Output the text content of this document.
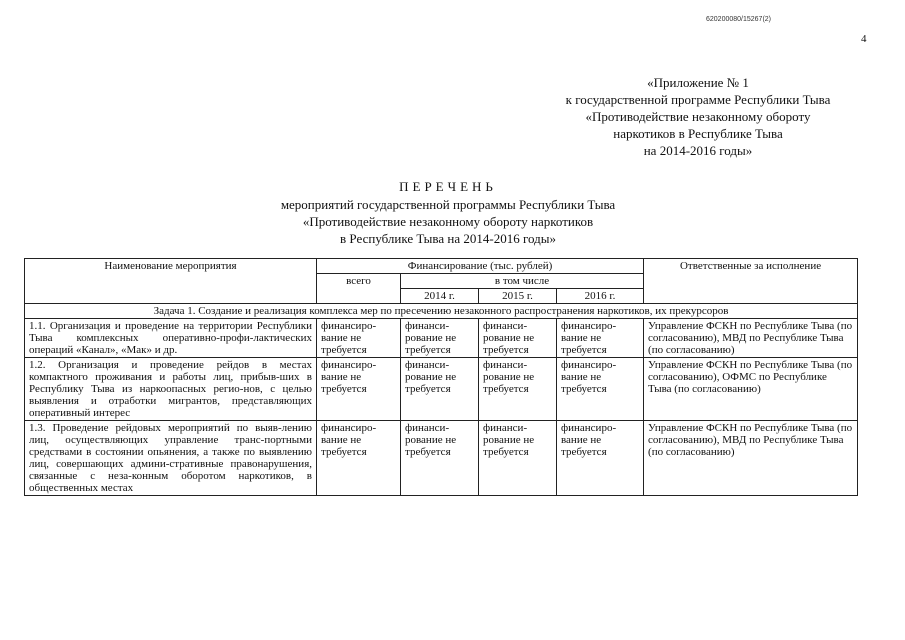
620200080/15267(2)
4
«Приложение № 1
к государственной программе Республики Тыва
«Противодействие незаконному обороту
наркотиков в Республике Тыва
на 2014-2016 годы»
ПЕРЕЧЕНЬ
мероприятий государственной программы Республики Тыва
«Противодействие незаконному обороту наркотиков
в Республике Тыва на 2014-2016 годы»
Наименование мероприятия	Финансирование (тыс. рублей)				Ответственные за исполнение
	всего	в том числе			
		2014 г.	2015 г.	2016 г.	
Задача 1. Создание и реализация комплекса мер по пресечению незаконного распространения наркотиков, их прекурсоров					
1.1. Организация и проведение на территории Республики Тыва комплексных оперативно-профи-лактических операций «Канал», «Мак» и др.	финансиро-вание не требуется	финанси-рование не требуется	финанси-рование не требуется	финансиро-вание не требуется	Управление ФСКН по Республике Тыва (по согласованию), МВД по Республике Тыва (по согласованию)
1.2. Организация и проведение рейдов в местах компактного проживания и работы лиц, прибыв-ших в Республику Тыва из наркоопасных регио-нов, с целью выявления и отработки мигрантов, представляющих оперативный интерес	финансиро-вание не требуется	финанси-рование не требуется	финанси-рование не требуется	финансиро-вание не требуется	Управление ФСКН по Республике Тыва (по согласованию), ОФМС по Республике Тыва (по согласованию)
1.3. Проведение рейдовых мероприятий по выяв-лению лиц, осуществляющих управление транс-портными средствами в состоянии опьянения, а также по выявлению лиц, совершающих админи-стративные правонарушения, связанные с неза-конным оборотом наркотиков, в общественных местах	финансиро-вание не требуется	финанси-рование не требуется	финанси-рование не требуется	финансиро-вание не требуется	Управление ФСКН по Республике Тыва (по согласованию), МВД по Республике Тыва (по согласованию)
